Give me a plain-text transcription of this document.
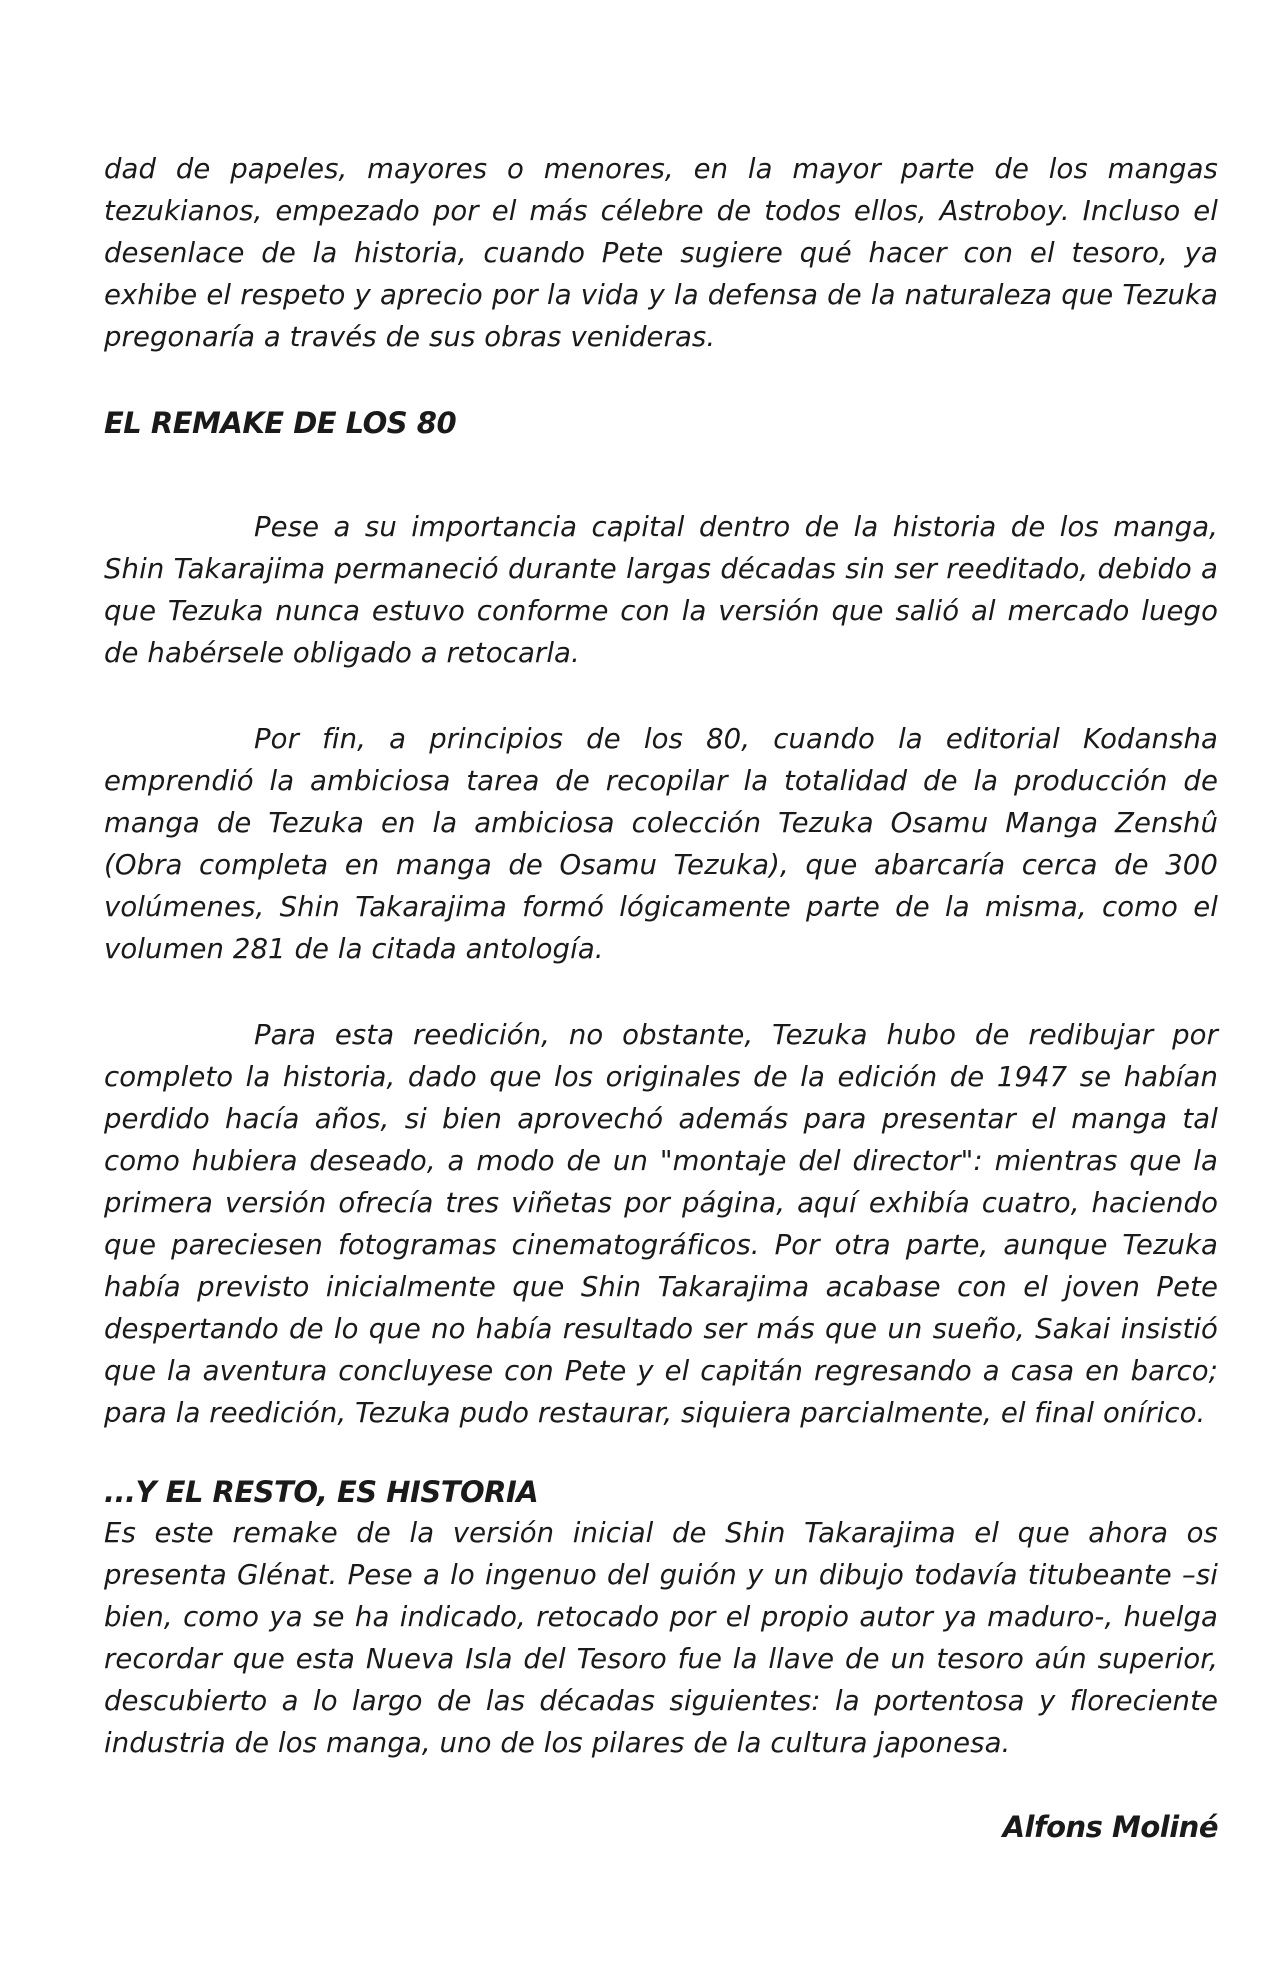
dad de papeles, mayores o menores, en la mayor parte de los mangas tezukianos, empezado por el más célebre de todos ellos, Astroboy. Incluso el desenlace de la historia, cuando Pete sugiere qué hacer con el tesoro, ya exhibe el respeto y aprecio por la vida y la defensa de la naturaleza que Tezuka pregonaría a través de sus obras venideras.

EL REMAKE DE LOS 80

Pese a su importancia capital dentro de la historia de los manga, Shin Takarajima permaneció durante largas décadas sin ser reeditado, debido a que Tezuka nunca estuvo conforme con la versión que salió al mercado luego de habérsele obligado a retocarla.

Por fin, a principios de los 80, cuando la editorial Kodansha emprendió la ambiciosa tarea de recopilar la totalidad de la producción de manga de Tezuka en la ambiciosa colección Tezuka Osamu Manga Zenshû (Obra completa en manga de Osamu Tezuka), que abarcaría cerca de 300 volúmenes, Shin Takarajima formó lógicamente parte de la misma, como el volumen 281 de la citada antología.

Para esta reedición, no obstante, Tezuka hubo de redibujar por completo la historia, dado que los originales de la edición de 1947 se habían perdido hacía años, si bien aprovechó además para presentar el manga tal como hubiera deseado, a modo de un "montaje del director": mientras que la primera versión ofrecía tres viñetas por página, aquí exhibía cuatro, haciendo que pareciesen fotogramas cinematográficos. Por otra parte, aunque Tezuka había previsto inicialmente que Shin Takarajima acabase con el joven Pete despertando de lo que no había resultado ser más que un sueño, Sakai insistió que la aventura concluyese con Pete y el capitán regresando a casa en barco; para la reedición, Tezuka pudo restaurar, siquiera parcialmente, el final onírico.

...Y EL RESTO, ES HISTORIA

Es este remake de la versión inicial de Shin Takarajima el que ahora os presenta Glénat. Pese a lo ingenuo del guión y un dibujo todavía titubeante –si bien, como ya se ha indicado, retocado por el propio autor ya maduro-, huelga recordar que esta Nueva Isla del Tesoro fue la llave de un tesoro aún superior, descubierto a lo largo de las décadas siguientes: la portentosa y floreciente industria de los manga, uno de los pilares de la cultura japonesa.

Alfons Moliné
